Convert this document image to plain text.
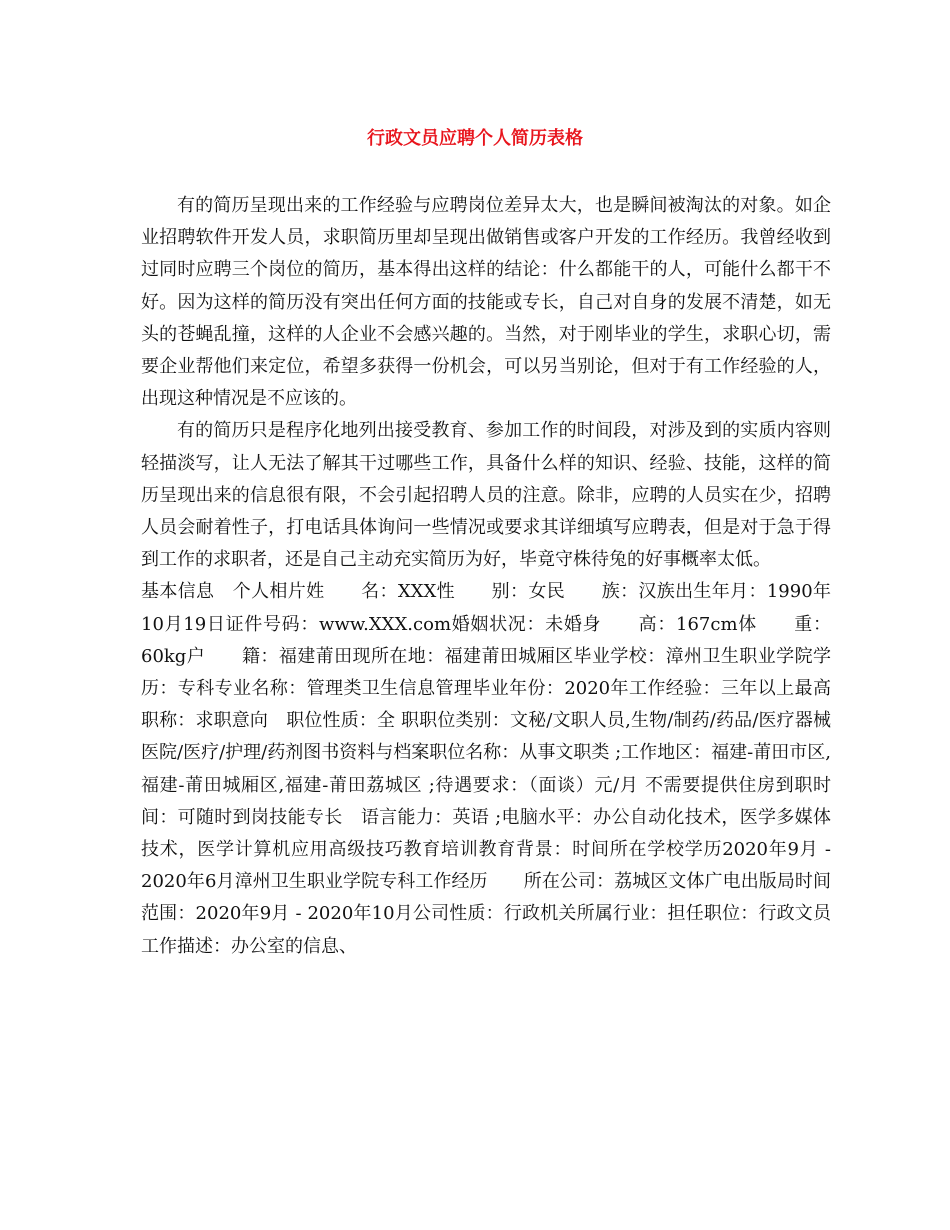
行政文员应聘个人简历表格

有的简历呈现出来的工作经验与应聘岗位差异太大，也是瞬间被淘汰的对象。如企业招聘软件开发人员，求职简历里却呈现出做销售或客户开发的工作经历。我曾经收到过同时应聘三个岗位的简历，基本得出这样的结论：什么都能干的人，可能什么都干不好。因为这样的简历没有突出任何方面的技能或专长，自己对自身的发展不清楚，如无头的苍蝇乱撞，这样的人企业不会感兴趣的。当然，对于刚毕业的学生，求职心切，需要企业帮他们来定位，希望多获得一份机会，可以另当别论，但对于有工作经验的人，出现这种情况是不应该的。

有的简历只是程序化地列出接受教育、参加工作的时间段，对涉及到的实质内容则轻描淡写，让人无法了解其干过哪些工作，具备什么样的知识、经验、技能，这样的简历呈现出来的信息很有限，不会引起招聘人员的注意。除非，应聘的人员实在少，招聘人员会耐着性子，打电话具体询问一些情况或要求其详细填写应聘表，但是对于急于得到工作的求职者，还是自己主动充实简历为好，毕竟守株待兔的好事概率太低。

基本信息　个人相片姓　　名：XXX性　　别：女民　　族：汉族出生年月：1990年10月19日证件号码：www.XXX.com婚姻状况：未婚身　　高：167cm体　　重：60kg户　　籍：福建莆田现所在地：福建莆田城厢区毕业学校：漳州卫生职业学院学　　历：专科专业名称：管理类卫生信息管理毕业年份：2020年工作经验：三年以上最高职称：求职意向　职位性质：全 职职位类别：文秘/文职人员,生物/制药/药品/医疗器械医院/医疗/护理/药剂图书资料与档案职位名称：从事文职类 ;工作地区：福建-莆田市区,福建-莆田城厢区,福建-莆田荔城区 ;待遇要求：（面谈）元/月 不需要提供住房到职时间：可随时到岗技能专长　语言能力：英语 ;电脑水平：办公自动化技术，医学多媒体技术，医学计算机应用高级技巧教育培训教育背景：时间所在学校学历2020年9月 - 2020年6月漳州卫生职业学院专科工作经历　　所在公司：荔城区文体广电出版局时间范围：2020年9月 - 2020年10月公司性质：行政机关所属行业：担任职位：行政文员工作描述：办公室的信息、
